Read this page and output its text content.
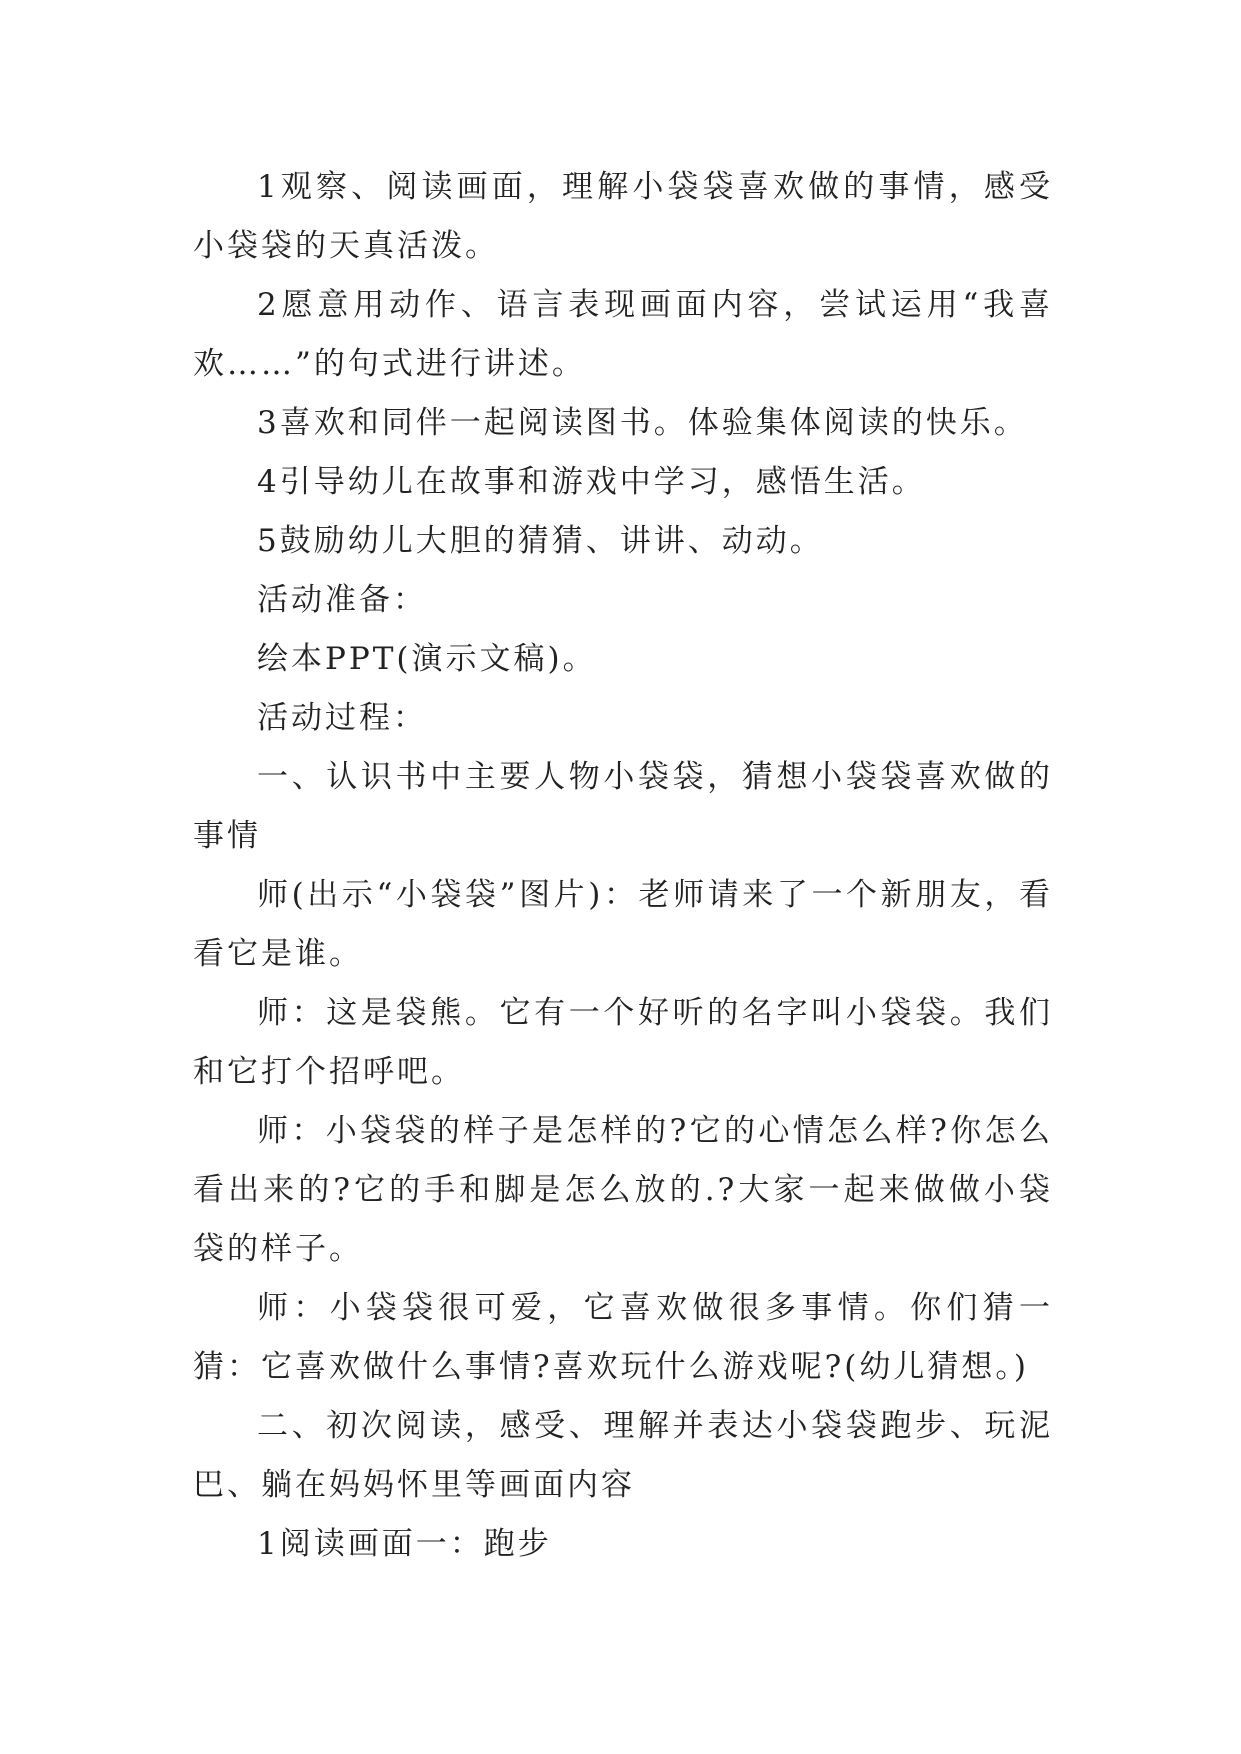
1观察、阅读画面，理解小袋袋喜欢做的事情，感受小袋袋的天真活泼。

2愿意用动作、语言表现画面内容，尝试运用“我喜欢……”的句式进行讲述。

3喜欢和同伴一起阅读图书。体验集体阅读的快乐。

4引导幼儿在故事和游戏中学习，感悟生活。

5鼓励幼儿大胆的猜猜、讲讲、动动。

活动准备：

绘本PPT(演示文稿)。

活动过程：

一、认识书中主要人物小袋袋，猜想小袋袋喜欢做的事情

师(出示“小袋袋”图片)：老师请来了一个新朋友，看看它是谁。

师：这是袋熊。它有一个好听的名字叫小袋袋。我们和它打个招呼吧。

师：小袋袋的样子是怎样的?它的心情怎么样?你怎么看出来的?它的手和脚是怎么放的.?大家一起来做做小袋袋的样子。

师：小袋袋很可爱，它喜欢做很多事情。你们猜一猜：它喜欢做什么事情?喜欢玩什么游戏呢?(幼儿猜想。)

二、初次阅读，感受、理解并表达小袋袋跑步、玩泥巴、躺在妈妈怀里等画面内容

1阅读画面一：跑步
